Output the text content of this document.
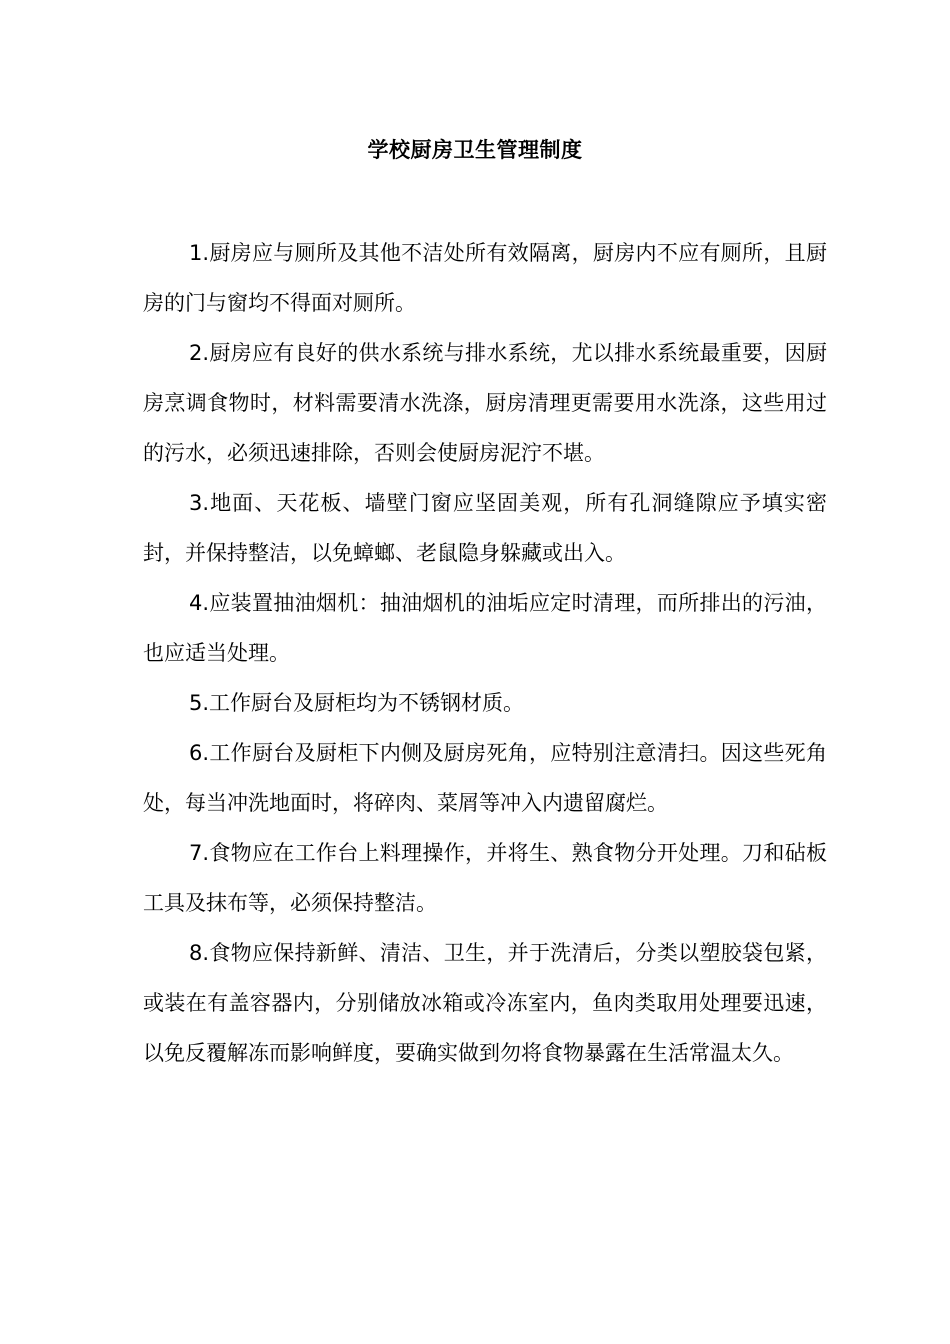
学校厨房卫生管理制度

1.厨房应与厕所及其他不洁处所有效隔离，厨房内不应有厕所，且厨房的门与窗均不得面对厕所。

2.厨房应有良好的供水系统与排水系统，尤以排水系统最重要，因厨房烹调食物时，材料需要清水洗涤，厨房清理更需要用水洗涤，这些用过的污水，必须迅速排除，否则会使厨房泥泞不堪。

3.地面、天花板、墙壁门窗应坚固美观，所有孔洞缝隙应予填实密封，并保持整洁，以免蟑螂、老鼠隐身躲藏或出入。

4.应装置抽油烟机：抽油烟机的油垢应定时清理，而所排出的污油，也应适当处理。

5.工作厨台及厨柜均为不锈钢材质。

6.工作厨台及厨柜下内侧及厨房死角，应特别注意清扫。因这些死角处，每当冲洗地面时，将碎肉、菜屑等冲入内遗留腐烂。

7.食物应在工作台上料理操作，并将生、熟食物分开处理。刀和砧板工具及抹布等，必须保持整洁。

8.食物应保持新鲜、清洁、卫生，并于洗清后，分类以塑胶袋包紧，或装在有盖容器内，分别储放冰箱或冷冻室内，鱼肉类取用处理要迅速，以免反覆解冻而影响鲜度，要确实做到勿将食物暴露在生活常温太久。
